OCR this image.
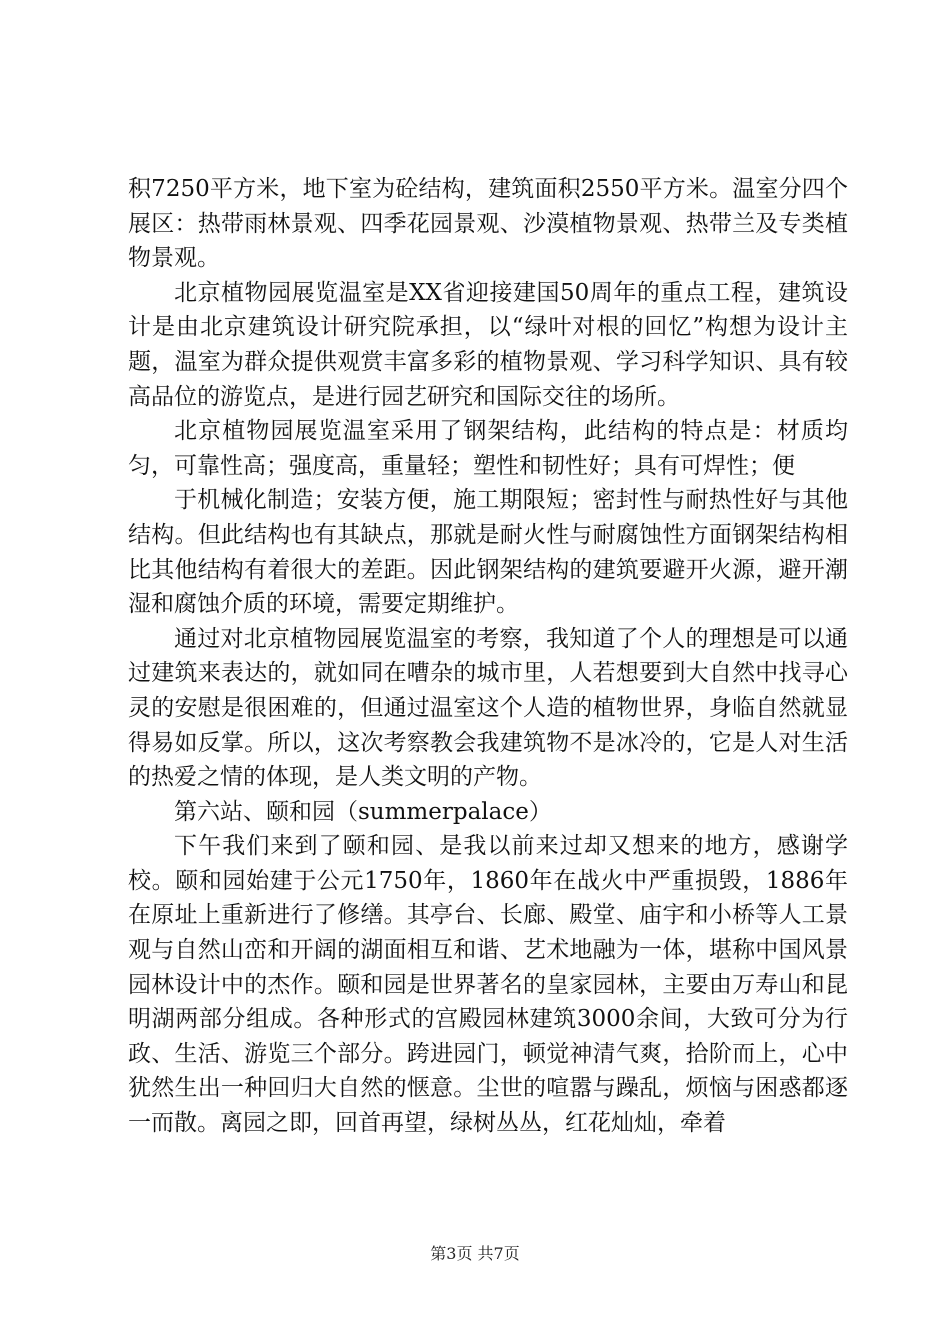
积7250平方米，地下室为砼结构，建筑面积2550平方米。温室分四个展区：热带雨林景观、四季花园景观、沙漠植物景观、热带兰及专类植物景观。

北京植物园展览温室是XX省迎接建国50周年的重点工程，建筑设计是由北京建筑设计研究院承担，以“绿叶对根的回忆”构想为设计主题，温室为群众提供观赏丰富多彩的植物景观、学习科学知识、具有较高品位的游览点，是进行园艺研究和国际交往的场所。

北京植物园展览温室采用了钢架结构，此结构的特点是：材质均匀，可靠性高；强度高，重量轻；塑性和韧性好；具有可焊性；便

于机械化制造；安装方便，施工期限短；密封性与耐热性好与其他结构。但此结构也有其缺点，那就是耐火性与耐腐蚀性方面钢架结构相比其他结构有着很大的差距。因此钢架结构的建筑要避开火源，避开潮湿和腐蚀介质的环境，需要定期维护。

通过对北京植物园展览温室的考察，我知道了个人的理想是可以通过建筑来表达的，就如同在嘈杂的城市里，人若想要到大自然中找寻心灵的安慰是很困难的，但通过温室这个人造的植物世界，身临自然就显得易如反掌。所以，这次考察教会我建筑物不是冰冷的，它是人对生活的热爱之情的体现，是人类文明的产物。

第六站、颐和园（summerpalace）

下午我们来到了颐和园、是我以前来过却又想来的地方，感谢学校。颐和园始建于公元1750年，1860年在战火中严重损毁，1886年在原址上重新进行了修缮。其亭台、长廊、殿堂、庙宇和小桥等人工景观与自然山峦和开阔的湖面相互和谐、艺术地融为一体，堪称中国风景园林设计中的杰作。颐和园是世界著名的皇家园林，主要由万寿山和昆明湖两部分组成。各种形式的宫殿园林建筑3000余间，大致可分为行政、生活、游览三个部分。跨进园门，顿觉神清气爽，拾阶而上，心中犹然生出一种回归大自然的惬意。尘世的喧嚣与躁乱，烦恼与困惑都逐一而散。离园之即，回首再望，绿树丛丛，红花灿灿，牵着

第3页 共7页
